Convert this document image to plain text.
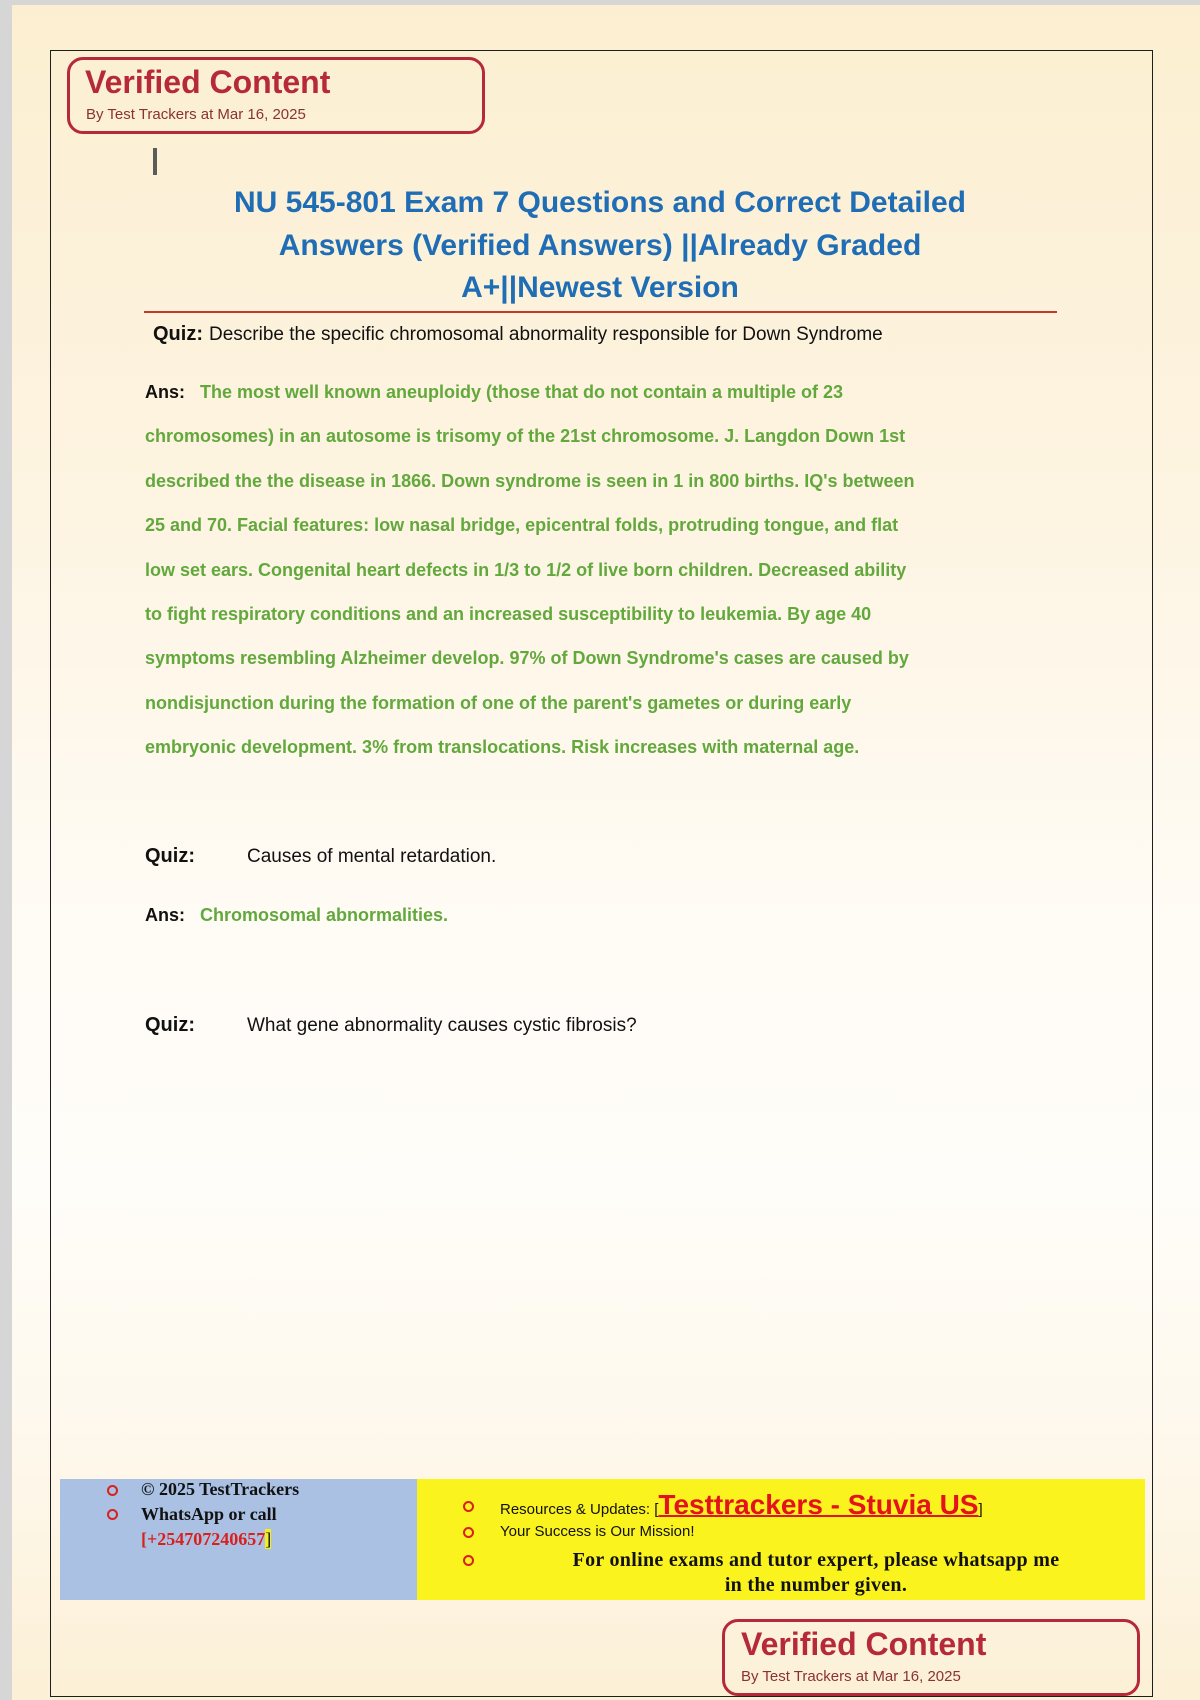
Verified Content
By Test Trackers at Mar 16, 2025
NU 545-801 Exam 7 Questions and Correct Detailed
Answers (Verified Answers) ||Already Graded
A+||Newest Version
Quiz: Describe the specific chromosomal abnormality responsible for Down Syndrome
Ans: The most well known aneuploidy (those that do not contain a multiple of 23
chromosomes) in an autosome is trisomy of the 21st chromosome. J. Langdon Down 1st
described the the disease in 1866. Down syndrome is seen in 1 in 800 births. IQ's between
25 and 70. Facial features: low nasal bridge, epicentral folds, protruding tongue, and flat
low set ears. Congenital heart defects in 1/3 to 1/2 of live born children. Decreased ability
to fight respiratory conditions and an increased susceptibility to leukemia. By age 40
symptoms resembling Alzheimer develop. 97% of Down Syndrome's cases are caused by
nondisjunction during the formation of one of the parent's gametes or during early
embryonic development. 3% from translocations. Risk increases with maternal age.
Quiz:	Causes of mental retardation.
Ans: Chromosomal abnormalities.
Quiz:	What gene abnormality causes cystic fibrosis?
© 2025 TestTrackers
WhatsApp or call
[+254707240657]
Resources & Updates: [Testtrackers - Stuvia US]
Your Success is Our Mission!
For online exams and tutor expert, please whatsapp me
in the number given.
Verified Content
By Test Trackers at Mar 16, 2025
